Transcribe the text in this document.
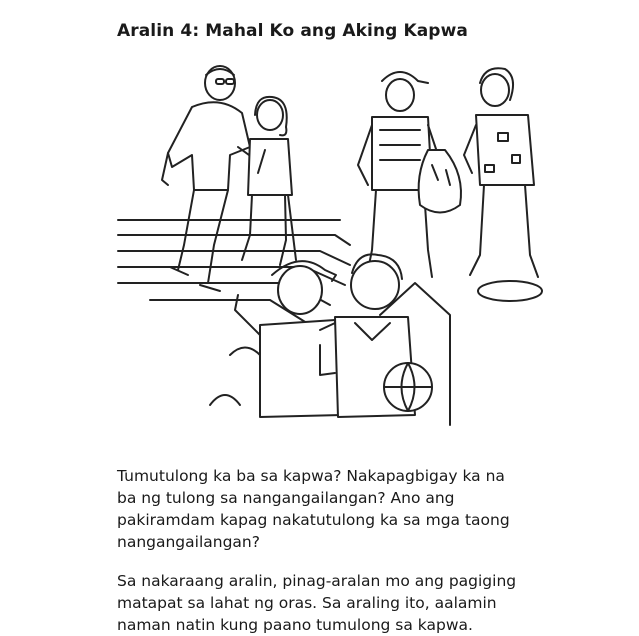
Aralin 4: Mahal Ko ang Aking Kapwa

Tumutulong ka ba sa kapwa? Nakapagbigay ka na
ba ng tulong sa nangangailangan? Ano ang
pakiramdam kapag nakatutulong ka sa mga taong
nangangailangan?

Sa nakaraang aralin, pinag-aralan mo ang pagiging
matapat sa lahat ng oras. Sa araling ito, aalamin
naman natin kung paano tumulong sa kapwa.
